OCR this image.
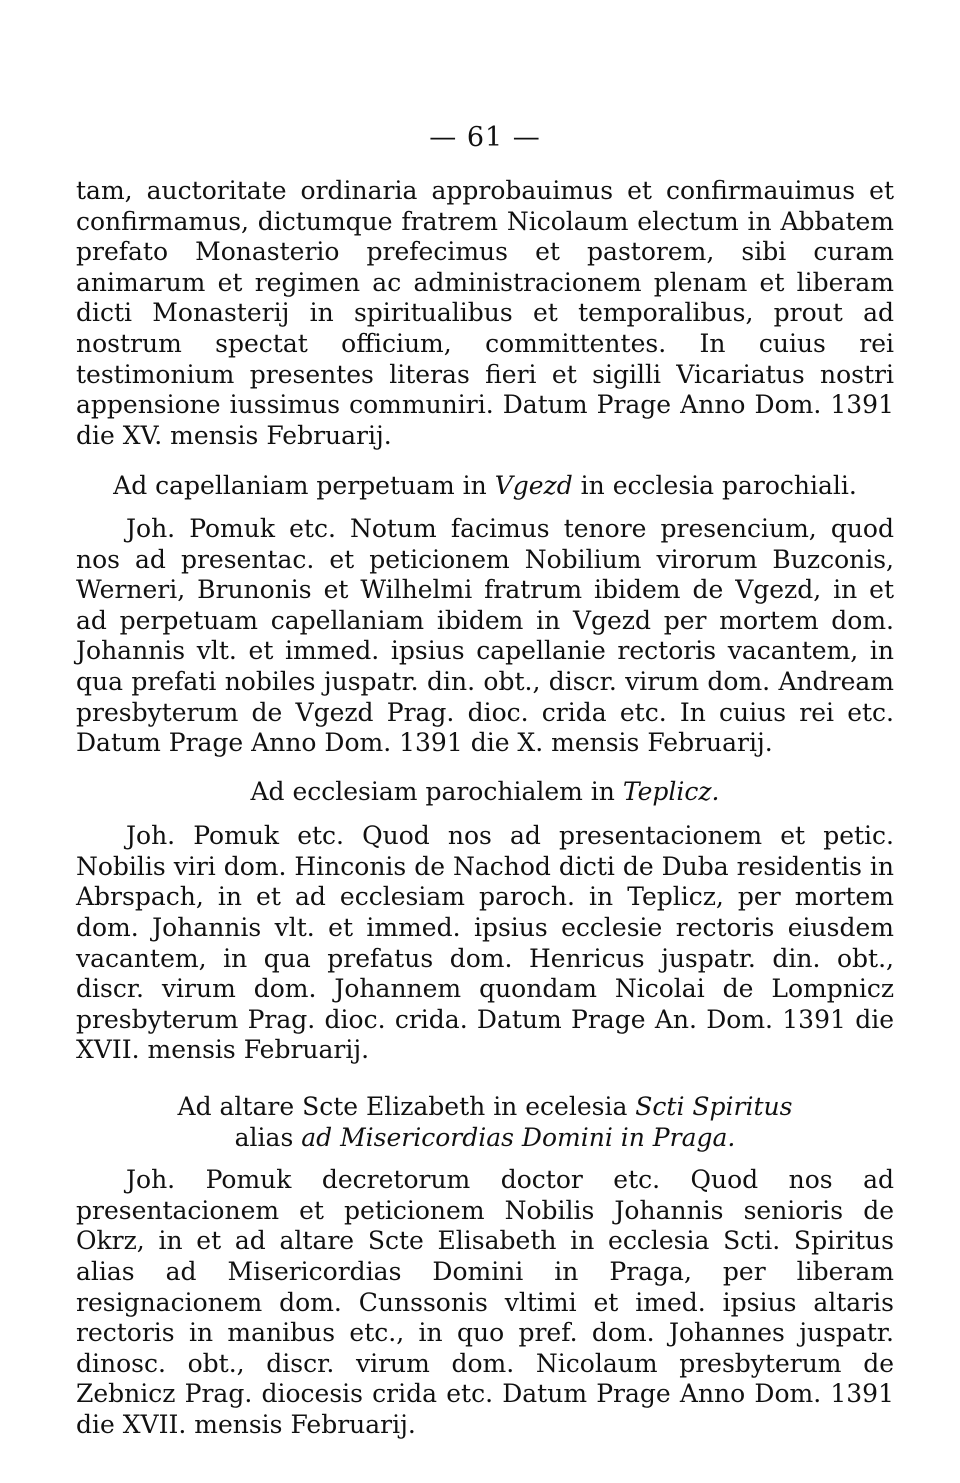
— 61 —

tam, auctoritate ordinaria approbauimus et confirmauimus et confirmamus, dictumque fratrem Nicolaum electum in Abbatem prefato Monasterio prefecimus et pastorem, sibi curam animarum et regimen ac administracionem plenam et liberam dicti Monasterij in spiritualibus et temporalibus, prout ad nostrum spectat officium, committentes. In cuius rei testimonium presentes literas fieri et sigilli Vicariatus nostri appensione iussimus communiri. Datum Prage Anno Dom. 1391 die XV. mensis Februarij.

Ad capellaniam perpetuam in Vgezd in ecclesia parochiali.

Joh. Pomuk etc. Notum facimus tenore presencium, quod nos ad presentac. et peticionem Nobilium virorum Buzconis, Werneri, Brunonis et Wilhelmi fratrum ibidem de Vgezd, in et ad perpetuam capellaniam ibidem in Vgezd per mortem dom. Johannis vlt. et immed. ipsius capellanie rectoris vacantem, in qua prefati nobiles juspatr. din. obt., discr. virum dom. Andream presbyterum de Vgezd Prag. dioc. crida etc. In cuius rei etc. Datum Prage Anno Dom. 1391 die X. mensis Februarij.

Ad ecclesiam parochialem in Teplicz.

Joh. Pomuk etc. Quod nos ad presentacionem et petic. Nobilis viri dom. Hinconis de Nachod dicti de Duba residentis in Abrspach, in et ad ecclesiam paroch. in Teplicz, per mortem dom. Johannis vlt. et immed. ipsius ecclesie rectoris eiusdem vacantem, in qua prefatus dom. Henricus juspatr. din. obt., discr. virum dom. Johannem quondam Nicolai de Lompnicz presbyterum Prag. dioc. crida. Datum Prage An. Dom. 1391 die XVII. mensis Februarij.

Ad altare Scte Elizabeth in ecelesia Scti Spiritus
alias ad Misericordias Domini in Praga.

Joh. Pomuk decretorum doctor etc. Quod nos ad presentacionem et peticionem Nobilis Johannis senioris de Okrz, in et ad altare Scte Elisabeth in ecclesia Scti. Spiritus alias ad Misericordias Domini in Praga, per liberam resignacionem dom. Cunssonis vltimi et imed. ipsius altaris rectoris in manibus etc., in quo pref. dom. Johannes juspatr. dinosc. obt., discr. virum dom. Nicolaum presbyterum de Zebnicz Prag. diocesis crida etc. Datum Prage Anno Dom. 1391 die XVII. mensis Februarij.
